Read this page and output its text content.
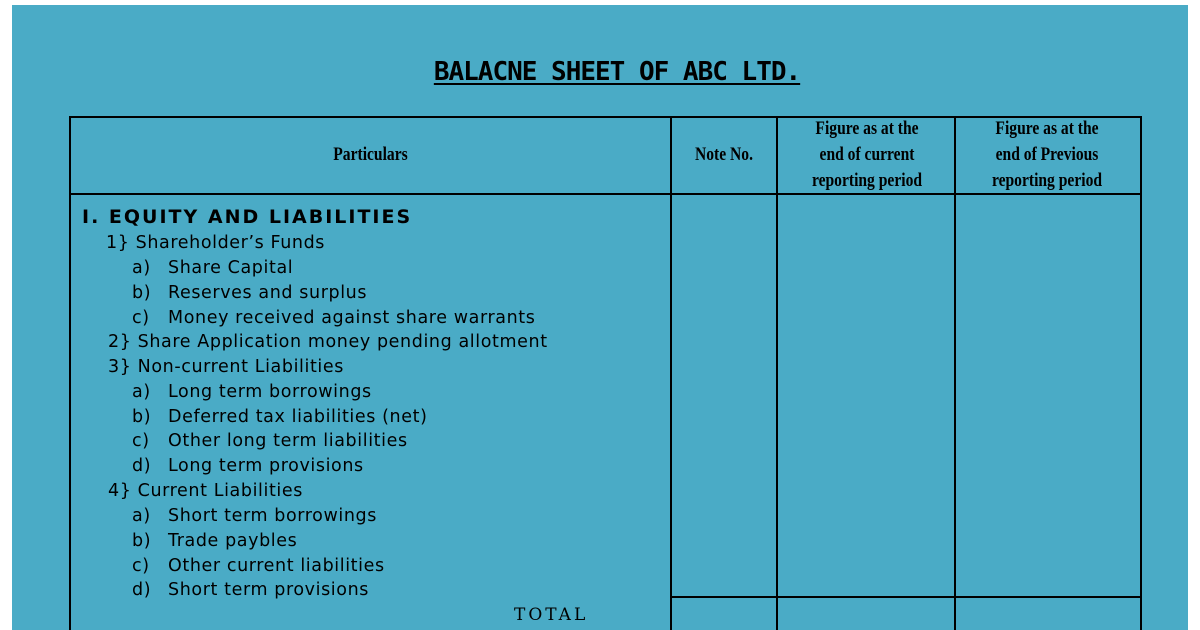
BALACNE SHEET OF ABC LTD.
Particulars	Note No.
Figure as at the
end of current
reporting period
Figure as at the
end of Previous
reporting period
I. EQUITY AND LIABILITIES
1} Shareholder’s Funds
a) Share Capital
b) Reserves and surplus
c) Money received against share warrants
2} Share Application money pending allotment
3} Non-current Liabilities
a) Long term borrowings
b) Deferred tax liabilities (net)
c) Other long term liabilities
d) Long term provisions
4} Current Liabilities
a) Short term borrowings
b) Trade paybles
c) Other current liabilities
d) Short term provisions
TOTAL
